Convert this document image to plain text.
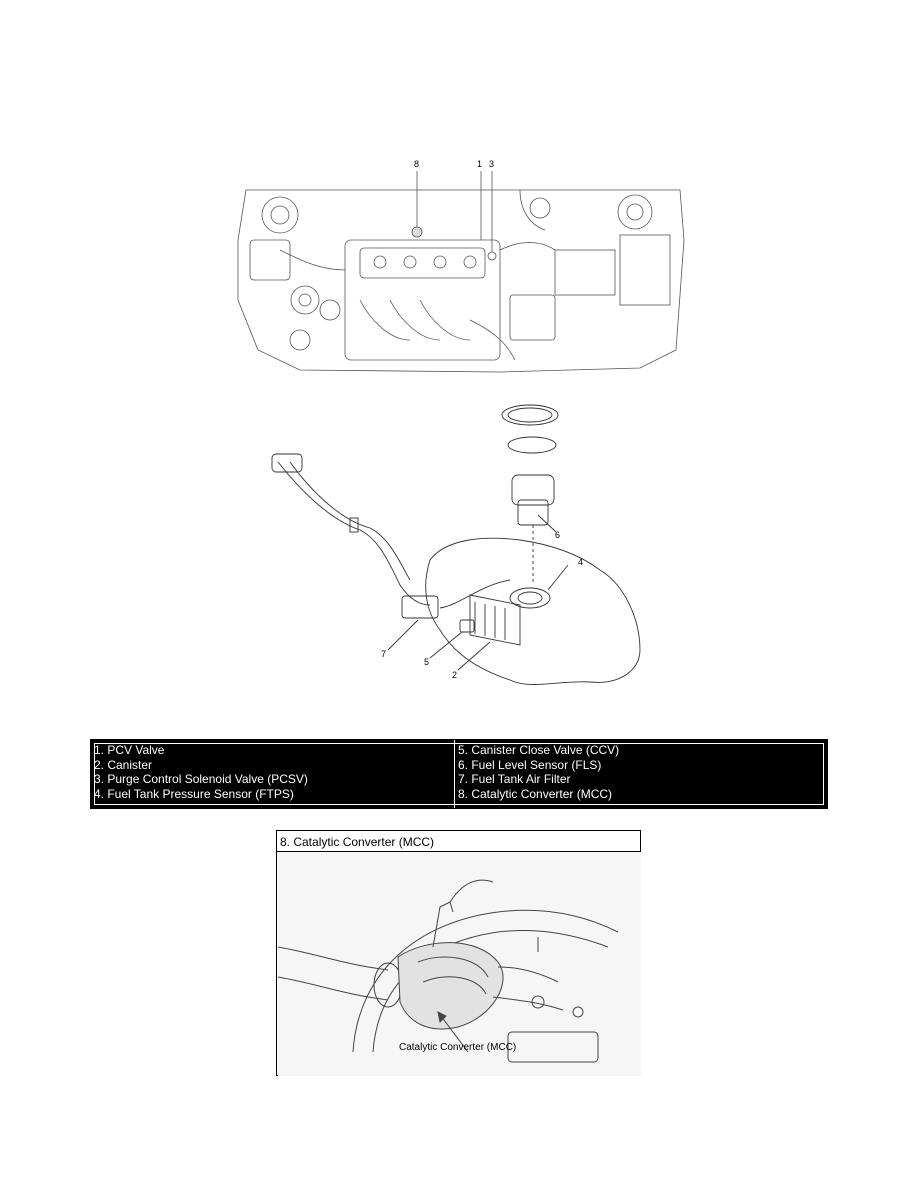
8	1 3
6
4
7
5
2
1. PCV Valve
2. Canister
3. Purge Control Solenoid Valve (PCSV)
4. Fuel Tank Pressure Sensor (FTPS)
5. Canister Close Valve (CCV)
6. Fuel Level Sensor (FLS)
7. Fuel Tank Air Filter
8. Catalytic Converter (MCC)
8. Catalytic Converter (MCC)
Catalytic Converter (MCC)
